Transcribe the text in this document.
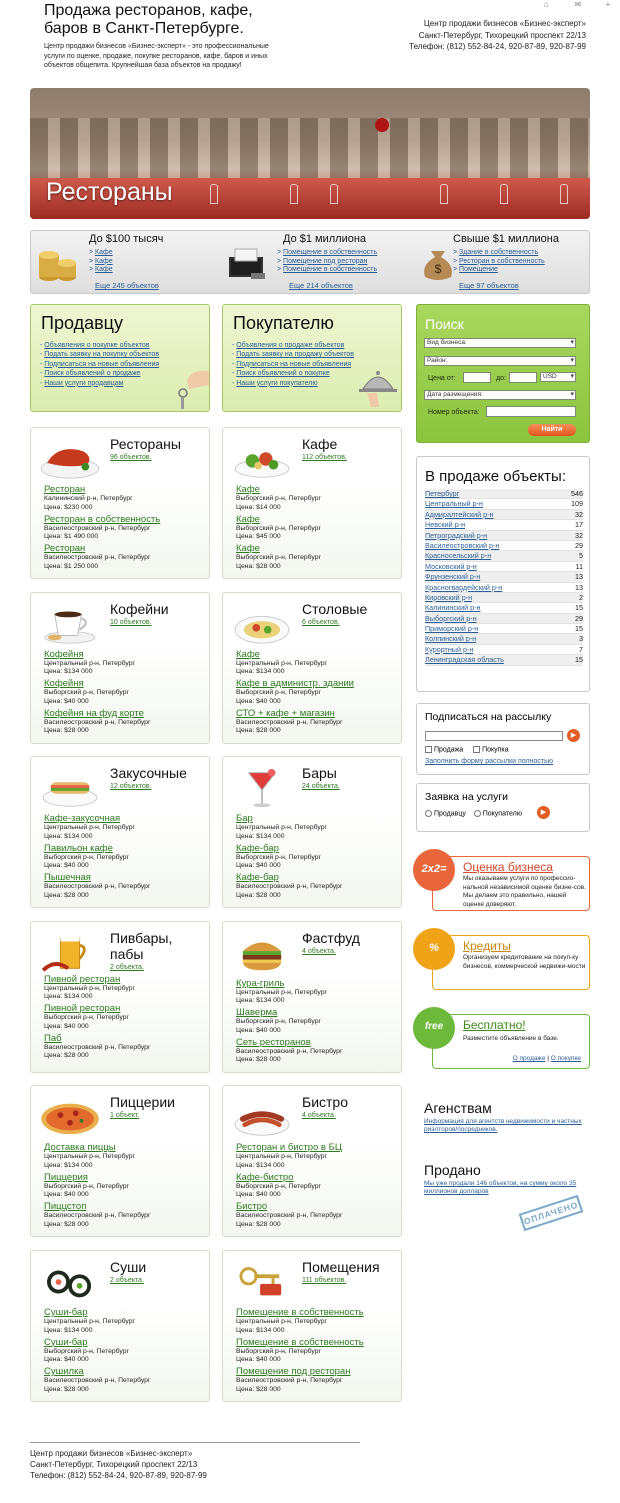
Продажа ресторанов, кафе, баров в Санкт-Петербурге.
Центр продажи бизнесов «Бизнес-эксперт» - это профессиональные услуги по оценке, продаже, покупке ресторанов, кафе, баров и иных объектов общепита. Крупнейшая база объектов на продажу!
⌂	✉	+
Центр продажи бизнесов «Бизнес-эксперт»
Санкт-Петербург, Тихорецкий проспект 22/13
Телефон: (812) 552-84-24, 920-87-89, 920-87-99
Рестораны
До $100 тысяч
> Кафе
> Кафе
> Кафе
Еще 245 объектов
До $1 миллиона
> Помещение в собственность
> Помещение под ресторан
> Помещение в собственность
Еще 214 объектов
$
Свыше $1 миллиона
> Здание в собственность
> Ресторан в собственность
> Помещение
Еще 97 объектов
Продавцу
- Объявления о покупке объектов
- Подать заявку на покупку объектов
- Подписаться на новые объявления
- Поиск объявлений о продаже
- Наши услуги продавцам
Покупателю
- Объявления о продаже объектов
- Подать заявку на продажу объектов
- Подписаться на новые объявления
- Поиск объявлений о покупке
- Наши услуги покупателю
Поиск
Вид бизнеса: ▾
Район: ▾
Цена от:	до:	USD ▾
Дата размещения: ▾
Номер объекта:
Найти
Рестораны
96 объектов.
Ресторан
Калининский р-н, Петербург
Цена: $230 000
Ресторан в собственность
Василеостровский р-н, Петербург
Цена: $1 490 000
Ресторан
Василеостровский р-н, Петербург
Цена: $1 250 000
Кафе
112 объектов.
Кафе
Выборгский р-н, Петербург
Цена: $14 000
Кафе
Выборгский р-н, Петербург
Цена: $45 000
Кафе
Выборгский р-н, Петербург
Цена: $28 000
Кофейни
10 объектов.
Кофейня
Центральный р-н, Петербург
Цена: $134 000
Кофейня
Выборгский р-н, Петербург
Цена: $40 000
Кофейня на фуд корте
Василеостровский р-н, Петербург
Цена: $28 000
Столовые
6 объектов.
Кафе
Центральный р-н, Петербург
Цена: $134 000
Кафе в администр. здании
Выборгский р-н, Петербург
Цена: $40 000
СТО + кафе + магазин
Василеостровский р-н, Петербург
Цена: $28 000
Закусочные
12 объектов.
Кафе-закусочная
Центральный р-н, Петербург
Цена: $134 000
Павильон кафе
Выборгский р-н, Петербург
Цена: $40 000
Пышечная
Василеостровский р-н, Петербург
Цена: $28 000
Бары
24 объекта.
Бар
Центральный р-н, Петербург
Цена: $134 000
Кафе-бар
Выборгский р-н, Петербург
Цена: $40 000
Кафе-бар
Василеостровский р-н, Петербург
Цена: $28 000
Пивбары, пабы
2 объекта.
Пивной ресторан
Центральный р-н, Петербург
Цена: $134 000
Пивной ресторан
Выборгский р-н, Петербург
Цена: $40 000
Паб
Василеостровский р-н, Петербург
Цена: $28 000
Фастфуд
4 объекта.
Кура-гриль
Центральный р-н, Петербург
Цена: $134 000
Шаверма
Выборгский р-н, Петербург
Цена: $40 000
Сеть ресторанов
Василеостровский р-н, Петербург
Цена: $28 000
Пиццерии
1 объект.
Доставка пиццы
Центральный р-н, Петербург
Цена: $134 000
Пиццерия
Выборгский р-н, Петербург
Цена: $40 000
Пиццстоп
Василеостровский р-н, Петербург
Цена: $28 000
Бистро
4 объекта.
Ресторан и бистро в БЦ
Центральный р-н, Петербург
Цена: $134 000
Кафе-бистро
Выборгский р-н, Петербург
Цена: $40 000
Бистро
Василеостровский р-н, Петербург
Цена: $28 000
Суши
2 объекта.
Суши-бар
Центральный р-н, Петербург
Цена: $134 000
Суши-бар
Выборгский р-н, Петербург
Цена: $40 000
Сушилка
Василеостровский р-н, Петербург
Цена: $28 000
Помещения
111 объектов.
Помещение в собственность
Центральный р-н, Петербург
Цена: $134 000
Помещение в собственность
Выборгский р-н, Петербург
Цена: $40 000
Помещение под ресторан
Василеостровский р-н, Петербург
Цена: $28 000
В продаже объекты:
Петербург	546
Центральный р-н	109
Адмиралтейский р-н	32
Невский р-н	17
Петроградский р-н	32
Василеостровский р-н	29
Красносельский р-н	5
Московский р-н	11
Фрунзенский р-н	13
Красногвардейский р-н	13
Кировский р-н	2
Калининский р-н	15
Выборгский р-н	29
Приморский р-н	15
Колпинский р-н	3
Курортный р-н	7
Ленинградская область	15
Подписаться на рассылку
▶
Продажа	Покупка
Заполнить форму рассылки полностью
Заявка на услуги
Продавцу Покупателю	▶
2x2=	Оценка бизнеса
Мы оказываем услуги по профессио-нальной независимой оценке бизне-сов. Мы делаем это правильно, нашей оценке доверяют.
%	Кредиты
Организуем кредитование на покуп-ку бизнесов, коммерческой недвижи-мости
free	Бесплатно!
Разместите объявление в базе.
О продаже | О покупке
Агенствам
Информация для агентств недвижимости и частных риэлторов/посредников.
Продано
Мы уже продали 146 объектов, на сумму около 35 миллионов долларов
ОПЛАЧЕНО
Центр продажи бизнесов «Бизнес-эксперт»
Санкт-Петербург, Тихорецкий проспект 22/13
Телефон: (812) 552-84-24, 920-87-89, 920-87-99
